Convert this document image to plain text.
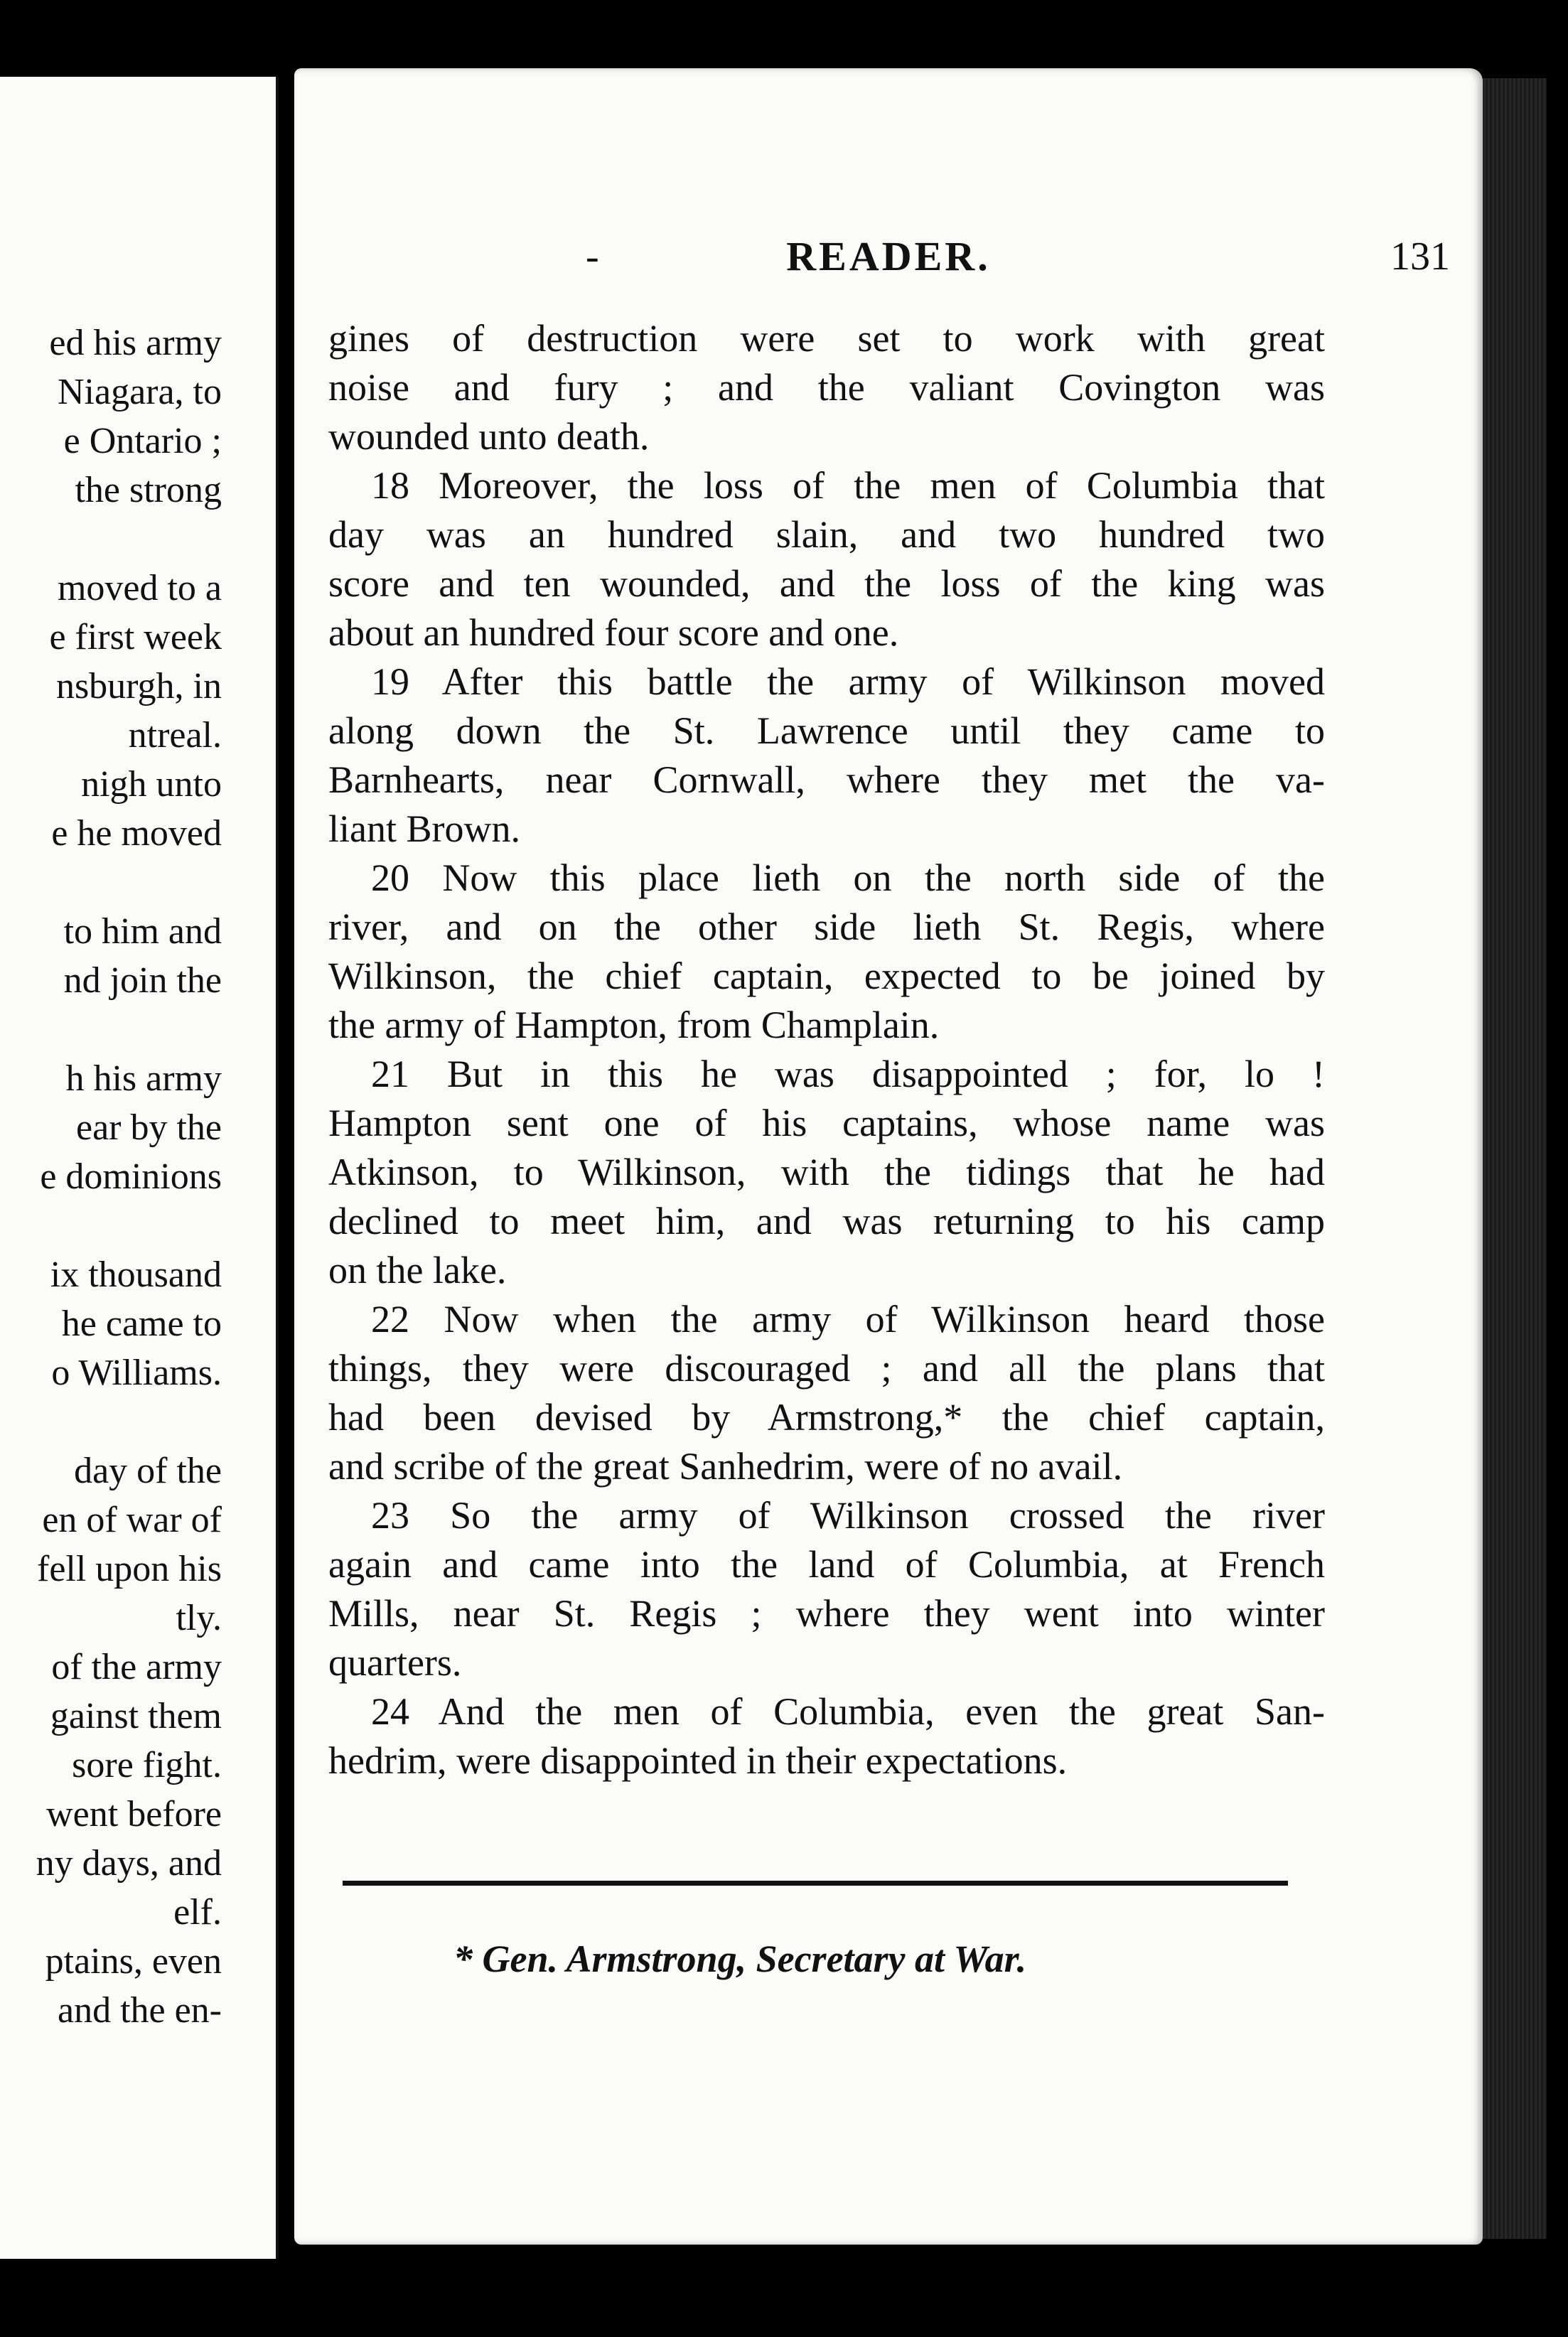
ed his army
Niagara, to
e Ontario ;
the strong
moved to a
e first week
nsburgh, in
ntreal.
nigh unto
e he moved
to him and
nd join the
h his army
ear by the
e dominions
ix thousand
he came to
o Williams.
day of the
en of war of
fell upon his
tly.
of the army
gainst them
sore fight.
went before
ny days, and
elf.
ptains, even
and the en-
-	READER.	131
gines of destruction were set to work with great
noise and fury ; and the valiant Covington was
wounded unto death.
18 Moreover, the loss of the men of Columbia that
day was an hundred slain, and two hundred two
score and ten wounded, and the loss of the king was
about an hundred four score and one.
19 After this battle the army of Wilkinson moved
along down the St. Lawrence until they came to
Barnhearts, near Cornwall, where they met the va-
liant Brown.
20 Now this place lieth on the north side of the
river, and on the other side lieth St. Regis, where
Wilkinson, the chief captain, expected to be joined by
the army of Hampton, from Champlain.
21 But in this he was disappointed ; for, lo !
Hampton sent one of his captains, whose name was
Atkinson, to Wilkinson, with the tidings that he had
declined to meet him, and was returning to his camp
on the lake.
22 Now when the army of Wilkinson heard those
things, they were discouraged ; and all the plans that
had been devised by Armstrong,* the chief captain,
and scribe of the great Sanhedrim, were of no avail.
23 So the army of Wilkinson crossed the river
again and came into the land of Columbia, at French
Mills, near St. Regis ; where they went into winter
quarters.
24 And the men of Columbia, even the great San-
hedrim, were disappointed in their expectations.
* Gen. Armstrong, Secretary at War.
